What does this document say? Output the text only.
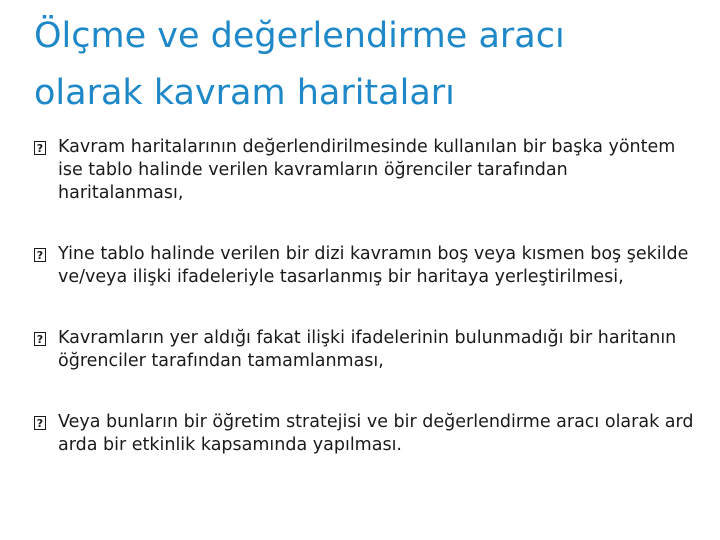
Ölçme ve değerlendirme aracı
olarak kavram haritaları
? Kavram haritalarının değerlendirilmesinde kullanılan bir başka yöntem ise tablo halinde verilen kavramların öğrenciler tarafından haritalanması,
? Yine tablo halinde verilen bir dizi kavramın boş veya kısmen boş şekilde ve/veya ilişki ifadeleriyle tasarlanmış bir haritaya yerleştirilmesi,
? Kavramların yer aldığı fakat ilişki ifadelerinin bulunmadığı bir haritanın öğrenciler tarafından tamamlanması,
? Veya bunların bir öğretim stratejisi ve bir değerlendirme aracı olarak ard arda bir etkinlik kapsamında yapılması.
